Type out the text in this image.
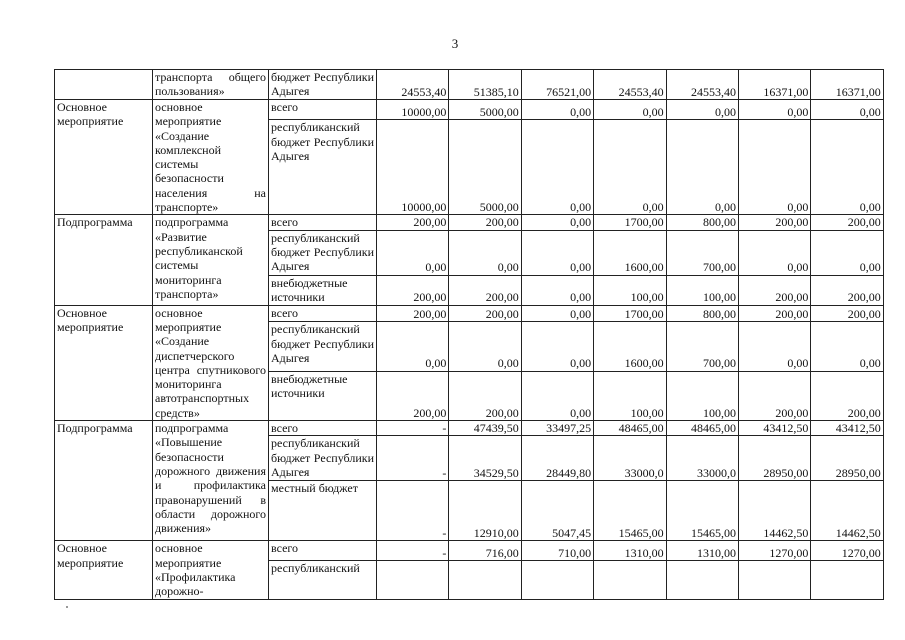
3
	транспорта общего пользования»	бюджет Республики Адыгея	24553,40	51385,10	76521,00	24553,40	24553,40	16371,00	16371,00
Основное мероприятие	основное мероприятие «Создание комплексной системы безопасности населения на транспорте»	всего	10000,00	5000,00	0,00	0,00	0,00	0,00	0,00
		республиканский бюджет Республики Адыгея	10000,00	5000,00	0,00	0,00	0,00	0,00	0,00
Подпрограмма	подпрограмма «Развитие республиканской системы мониторинга транспорта»	всего	200,00	200,00	0,00	1700,00	800,00	200,00	200,00
		республиканский бюджет Республики Адыгея	0,00	0,00	0,00	1600,00	700,00	0,00	0,00
		внебюджетные источники	200,00	200,00	0,00	100,00	100,00	200,00	200,00
Основное мероприятие	основное мероприятие «Создание диспетчерского центра спутникового мониторинга автотранспортных средств»	всего	200,00	200,00	0,00	1700,00	800,00	200,00	200,00
		республиканский бюджет Республики Адыгея	0,00	0,00	0,00	1600,00	700,00	0,00	0,00
		внебюджетные источники	200,00	200,00	0,00	100,00	100,00	200,00	200,00
Подпрограмма	подпрограмма «Повышение безопасности дорожного движения и профилактика правонарушений в области дорожного движения»	всего	-	47439,50	33497,25	48465,00	48465,00	43412,50	43412,50
		республиканский бюджет Республики Адыгея	-	34529,50	28449,80	33000,0	33000,0	28950,00	28950,00
		местный бюджет	-	12910,00	5047,45	15465,00	15465,00	14462,50	14462,50
Основное мероприятие	основное мероприятие «Профилактика дорожно-	всего	-	716,00	710,00	1310,00	1310,00	1270,00	1270,00
		республиканский							
